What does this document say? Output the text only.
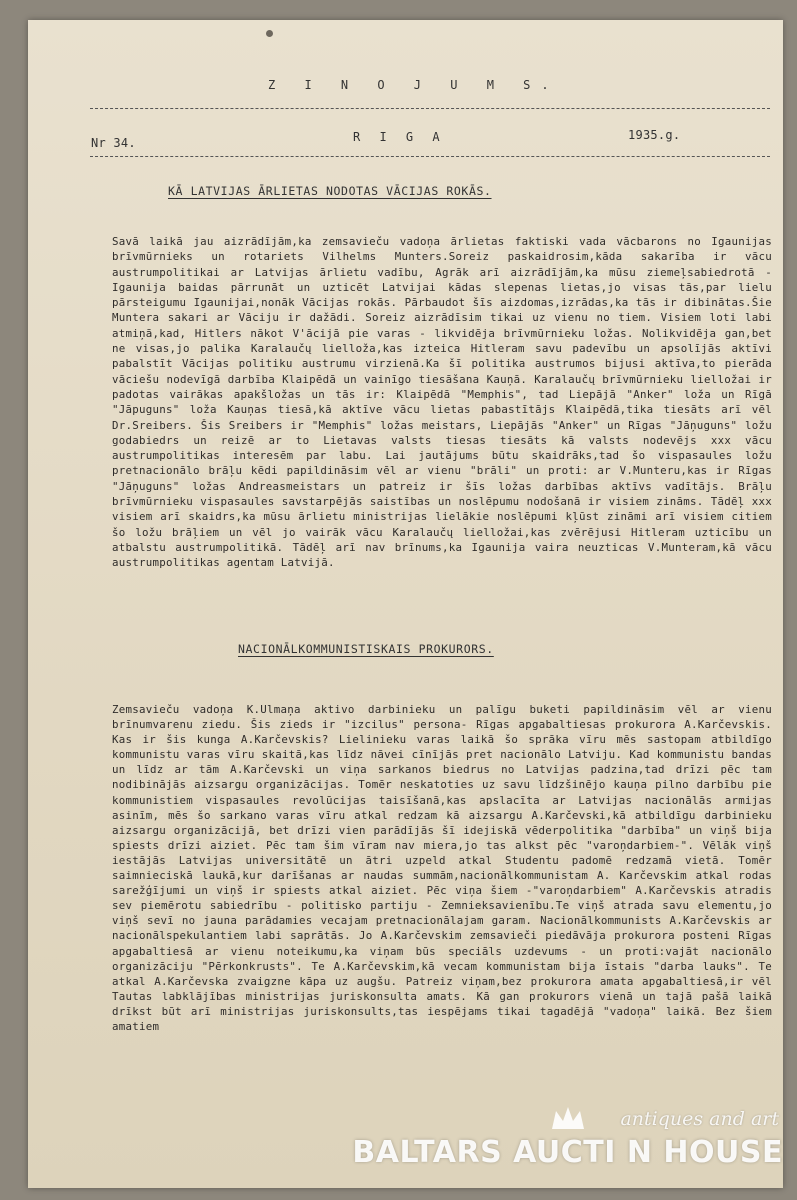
Z I N O J U M S.
Nr 34.	R I G A	1935.g.
KĀ LATVIJAS ĀRLIETAS NODOTAS VĀCIJAS ROKĀS.

Savā laikā jau aizrādījām,ka zemsavieču vadoņa ārlietas faktiski vada vācbarons no Igaunijas brīvmūrnieks un rotariets Vilhelms Munters.Soreiz paskaidrosim,kāda sakarība ir vācu austrumpolitikai ar Latvijas ārlietu vadību, Agrāk arī aizrādījām,ka mūsu ziemeļsabiedrotā - Igaunija baidas pārrunāt un uzticēt Latvijai kādas slepenas lietas,jo visas tās,par lielu pārsteigumu Igaunijai,nonāk Vācijas rokās. Pārbaudot šīs aizdomas,izrādas,ka tās ir dibinātas.Šie Muntera sakari ar Vāciju ir dažādi. Soreiz aizrādīsim tikai uz vienu no tiem. Visiem loti labi atmiņā,kad, Hitlers nākot V'ācijā pie varas - likvidēja brīvmūrnieku ložas. Nolikvidēja gan,bet ne visas,jo palika Karalaučų lielloža,kas izteica Hitleram savu padevību un apsolījās aktīvi pabalstīt Vācijas politiku austrumu virzienā.Ka šī politika austrumos bijusi aktīva,to pierāda vāciešu nodevīgā darbība Klaipēdā un vainīgo tiesāšana Kauņā. Karalaučų brīvmūrnieku lielložai ir padotas vairākas apakšložas un tās ir: Klaipēdā "Memphis", tad Liepājā "Anker" loža un Rīgā "Jāpuguns" loža Kauņas tiesā,kā aktīve vācu lietas pabastītājs Klaipēdā,tika tiesāts arī vēl Dr.Sreibers. Šis Sreibers ir "Memphis" ložas meistars, Liepājās "Anker" un Rīgas "Jāņuguns" ložu godabiedrs un reizē ar to Lietavas valsts tiesas tiesāts kā valsts nodevējs xxx vācu austrumpolitikas interesēm par labu. Lai jautājums būtu skaidrāks,tad šo vispasaules ložu pretnacionālo brāļu kēdi papildināsim vēl ar vienu "brāli" un proti: ar V.Munteru,kas ir Rīgas "Jāņuguns" ložas Andreasmeistars un patreiz ir šīs ložas darbības aktīvs vadītājs. Brāļu brīvmūrnieku vispasaules savstarpējās saistības un noslēpumu nodošanā ir visiem zināms. Tādēļ xxx visiem arī skaidrs,ka mūsu ārlietu ministrijas lielākie noslēpumi kļūst zināmi arī visiem citiem šo ložu brāļiem un vēl jo vairāk vācu Karalaučų lielložai,kas zvērējusi Hitleram uzticību un atbalstu austrumpolitikā. Tādēļ arī nav brīnums,ka Igaunija vaira neuzticas V.Munteram,kā vācu austrumpolitikas agentam Latvijā.

NACIONĀLKOMMUNISTISKAIS PROKURORS.

Zemsavieču vadoņa K.Ulmaņa aktivo darbinieku un palīgu buketi papildināsim vēl ar vienu brīnumvarenu ziedu. Šis zieds ir "izcilus" persona- Rīgas apgabaltiesas prokurora A.Karčevskis. Kas ir šis kunga A.Karčevskis? Lielinieku varas laikā šo sprāka vīru mēs sastopam atbildīgo kommunistu varas vīru skaitā,kas līdz nāvei cīnījās pret nacionālo Latviju. Kad kommunistu bandas un līdz ar tām A.Karčevski un viņa sarkanos biedrus no Latvijas padzina,tad drīzi pēc tam nodibinājās aizsargu organizācijas. Tomēr neskatoties uz savu līdzšinējo kauņa pilno darbību pie kommunistiem vispasaules revolūcijas taisīšanā,kas apslacīta ar Latvijas nacionālās armijas asinīm, mēs šo sarkano varas vīru atkal redzam kā aizsargu A.Karčevski,kā atbildīgu darbinieku aizsargu organizācijā, bet drīzi vien parādījās šī idejiskā vēderpolitika "darbība" un viņš bija spiests drīzi aiziet. Pēc tam šim vīram nav miera,jo tas alkst pēc "varoņdarbiem-". Vēlāk viņš iestājās Latvijas universitātē un ātri uzpeld atkal Studentu padomē redzamā vietā. Tomēr saimnieciskā laukā,kur darīšanas ar naudas summām,nacionālkommunistam A. Karčevskim atkal rodas sarežģījumi un viņš ir spiests atkal aiziet. Pēc viņa šiem -"varoņdarbiem" A.Karčevskis atradis sev piemērotu sabiedrību - politisko partiju - Zemnieksavienību.Te viņš atrada savu elementu,jo viņš sevī no jauna parādamies vecajam pretnacionālajam garam. Nacionālkommunists A.Karčevskis ar nacionālspekulantiem labi saprātās. Jo A.Karčevskim zemsavieči piedāvāja prokurora posteni Rīgas apgabaltiesā ar vienu noteikumu,ka viņam būs speciāls uzdevums - un proti:vajāt nacionālo organizāciju "Pērkonkrusts". Te A.Karčevskim,kā vecam kommunistam bija īstais "darba lauks". Te atkal A.Karčevska zvaigzne kāpa uz augšu. Patreiz viņam,bez prokurora amata apgabaltiesā,ir vēl Tautas labklājības ministrijas juriskonsulta amats. Kā gan prokurors vienā un tajā pašā laikā drīkst būt arī ministrijas juriskonsults,tas iespējams tikai tagadējā "vadoņa" laikā. Bez šiem amatiem

antiques and art
BALTARS AUCTI N HOUSE
